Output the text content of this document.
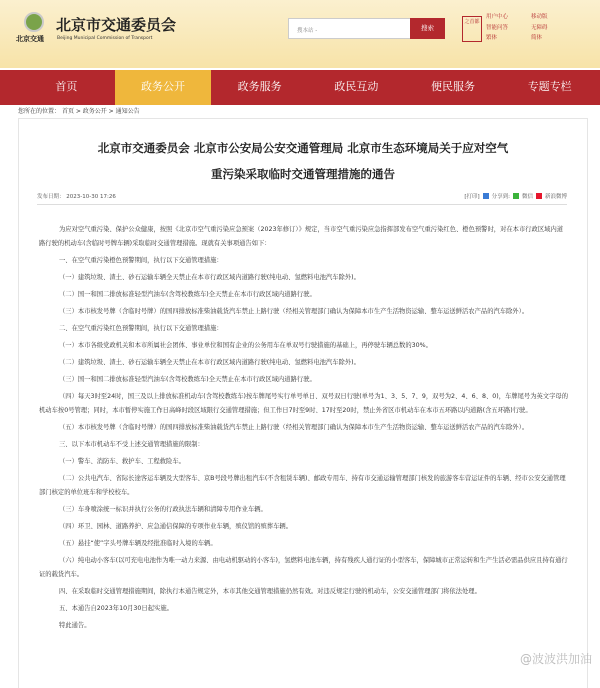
北京交通
北京市交通委员会
Beijing Municipal Commission of Transport
搜本站 -	搜索
之首都
用户中心
智能问答
繁体
移动版
无障碍
简体
首页	政务公开	政务服务	政民互动	便民服务	专题专栏
您所在的位置： 首页 > 政务公开 > 通知公告
北京市交通委员会 北京市公安局公安交通管理局 北京市生态环境局关于应对空气
重污染采取临时交通管理措施的通告
发布日期： 2023-10-30 17:26	[打印] 分享到: 微信 新浪微博

为应对空气重污染、保护公众健康，按照《北京市空气重污染应急预案（2023年修订）》规定，当市空气重污染应急指挥部发布空气重污染红色、橙色预警时，对在本市行政区域内道路行驶的机动车(含临时号牌车辆)采取临时交通管理措施。现就有关事项通告如下：

一、在空气重污染橙色预警期间，执行以下交通管理措施：

（一）建筑垃圾、渣土、砂石运输车辆全天禁止在本市行政区域内道路行驶(纯电动、氢燃料电池汽车除外)。

（二）国一和国二排放标准轻型汽油车(含驾校教练车)全天禁止在本市行政区域内道路行驶。

（三）本市核发号牌（含临时号牌）的国四排放标准柴油载货汽车禁止上路行驶（经相关管理部门确认为保障本市生产生活物资运输、整车运送鲜活农产品的汽车除外）。

二、在空气重污染红色预警期间，执行以下交通管理措施：

（一）本市各级党政机关和本市所属社会团体、事业单位和国有企业的公务用车在单双号行驶措施的基础上，再停驶车辆总数的30%。

（二）建筑垃圾、渣土、砂石运输车辆全天禁止在本市行政区域内道路行驶(纯电动、氢燃料电池汽车除外)。

（三）国一和国二排放标准轻型汽油车(含驾校教练车)全天禁止在本市行政区域内道路行驶。

（四）每天3时至24时，国三及以上排放标准机动车(含驾校教练车)按车牌尾号实行单号单日、双号双日行驶(单号为1、3、5、7、9，双号为2、4、6、8、0)，车牌尾号为英文字母的机动车按0号管理；同时，本市暂停实施工作日高峰时段区域限行交通管理措施；但工作日7时至9时、17时至20时，禁止外省区市机动车在本市五环路以内道路(含五环路)行驶。

（五）本市核发号牌（含临时号牌）的国四排放标准柴油载货汽车禁止上路行驶（经相关管理部门确认为保障本市生产生活物资运输、整车运送鲜活农产品的汽车除外）。

三、以下本市机动车不受上述交通管理措施的限制：

（一）警车、消防车、救护车、工程救险车。

（二）公共电汽车、省际长途客运车辆及大型客车、京B号段号牌出租汽车(不含租赁车辆)、邮政专用车、持有市交通运输管理部门核发的旅游客车营运证件的车辆、经市公安交通管理部门核定的单位班车和学校校车。

（三）车身喷涂统一标识并执行公务的行政执法车辆和清障专用作业车辆。

（四）环卫、园林、道路养护、应急通信保障的专项作业车辆，殡仪馆的殡葬车辆。

（五）悬挂“使”字头号牌车辆及经批准临时入境的车辆。

（六）纯电动小客车(以可充电电池作为唯一动力来源、由电动机驱动的小客车)，氢燃料电池车辆，持有残疾人通行证的小型客车，保障城市正常运转和生产生活必需品供应且持有通行证的载货汽车。

四、在采取临时交通管理措施期间，除执行本通告规定外，本市其他交通管理措施仍然有效。对违反规定行驶的机动车，公安交通管理部门将依法处理。

五、本通告自2023年10月30日起实施。

特此通告。

@波波洪加油
